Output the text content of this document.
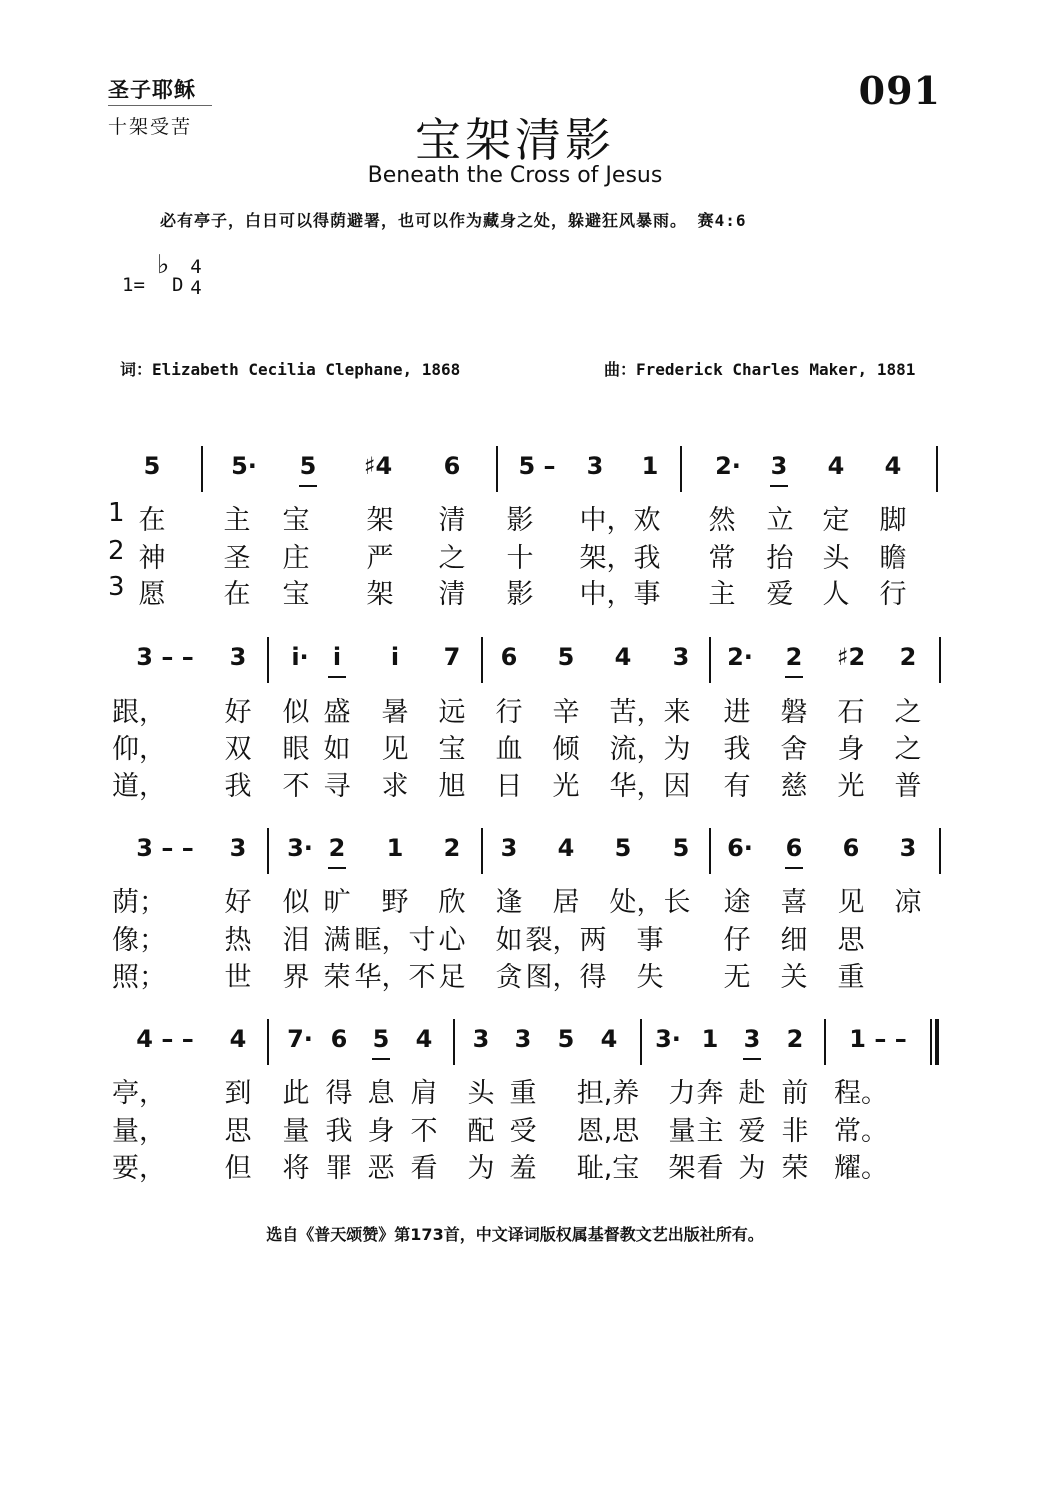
圣子耶稣
十架受苦
091
宝架清影
Beneath the Cross of Jesus
必有亭子，白日可以得荫避署，也可以作为藏身之处，躲避狂风暴雨。 赛4:6
1=
♭
D
4
4
词：Elizabeth Cecilia Clephane, 1868	曲：Frederick Charles Maker, 1881
5	5· 5 ♯4 6 5 – 3 1 2· 3 4 4
在 主 宝 架 清 影 中，欢 然 立 定 脚
神 圣 庄 严 之 十 架，我 常 抬 头 瞻
愿 在 宝 架 清 影 中，事 主 爱 人 行
3 – – 3 i· i i 7 6 5 4 3 2· 2 ♯2 2
跟， 好 似 盛 暑 远 行 辛 苦，来 进 磐 石 之
仰， 双 眼 如 见 宝 血 倾 流，为 我 舍 身 之
道， 我 不 寻 求 旭 日 光 华，因 有 慈 光 普
3 – – 3 3· 2 1 2 3 4 5 5 6· 6 6 3
荫； 好 似 旷 野 欣 逢 居 处，长 途 喜 见 凉
像； 热 泪 满 眶，寸 心 如 裂，两 事 仔 细 思
照； 世 界 荣 华，不 足 贪 图，得 失 无 关 重
4 – – 4 7· 6 5 4 3 3 5 4 3· 1 3 2 1 – –
亭， 到 此 得 息 肩 头 重 担,养 力 奔 赴 前 程。
量， 思 量 我 身 不 配 受 恩,思 量 主 爱 非 常。
要， 但 将 罪 恶 看 为 羞 耻,宝 架 看 为 荣 耀。
1
2
3
选自《普天颂赞》第173首，中文译词版权属基督教文艺出版社所有。
